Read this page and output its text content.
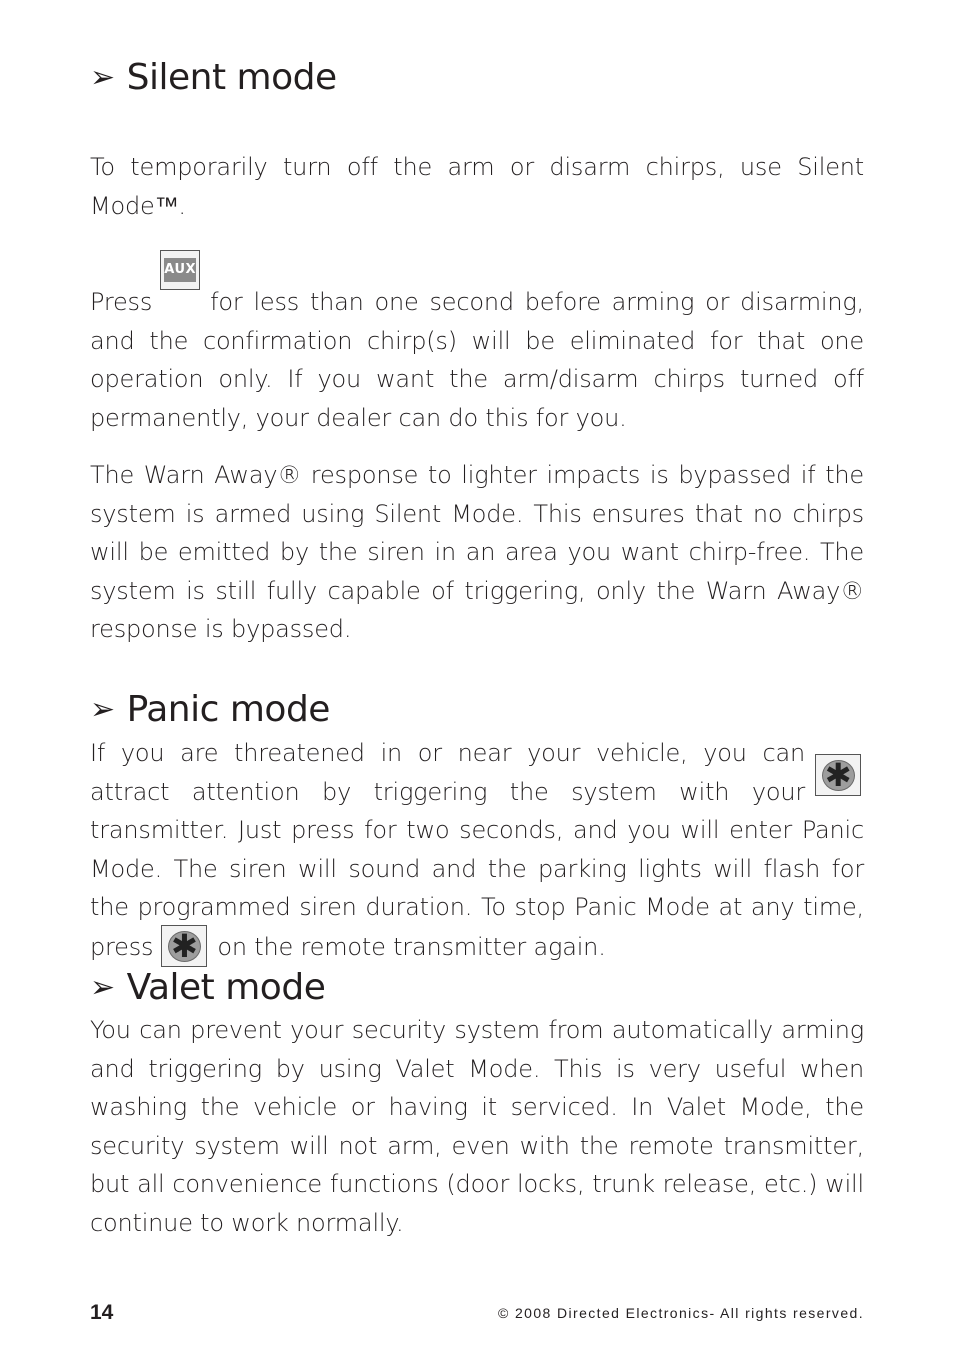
➢ Silent mode

To temporarily turn off the arm or disarm chirps, use Silent Mode™.

Press
AUX
for less than one second before arming or disarming, and the confirmation chirp(s) will be eliminated for that one operation only. If you want the arm/disarm chirps turned off permanently, your dealer can do this for you.

The Warn Away® response to lighter impacts is bypassed if the system is armed using Silent Mode. This ensures that no chirps will be emitted by the siren in an area you want chirp-free. The system is still fully capable of triggering, only the Warn Away® response is bypassed.

➢ Panic mode

✱
If you are threatened in or near your vehicle, you can attract attention by triggering the system with your transmitter. Just press for two seconds, and you will enter Panic Mode. The siren will sound and the parking lights will flash for the programmed siren duration. To stop Panic Mode at any time, press ✱ on the remote transmitter again.

➢ Valet mode

You can prevent your security system from automatically arming and triggering by using Valet Mode. This is very useful when washing the vehicle or having it serviced. In Valet Mode, the security system will not arm, even with the remote transmitter, but all convenience functions (door locks, trunk release, etc.) will continue to work normally.

14	© 2008 Directed Electronics- All rights reserved.
